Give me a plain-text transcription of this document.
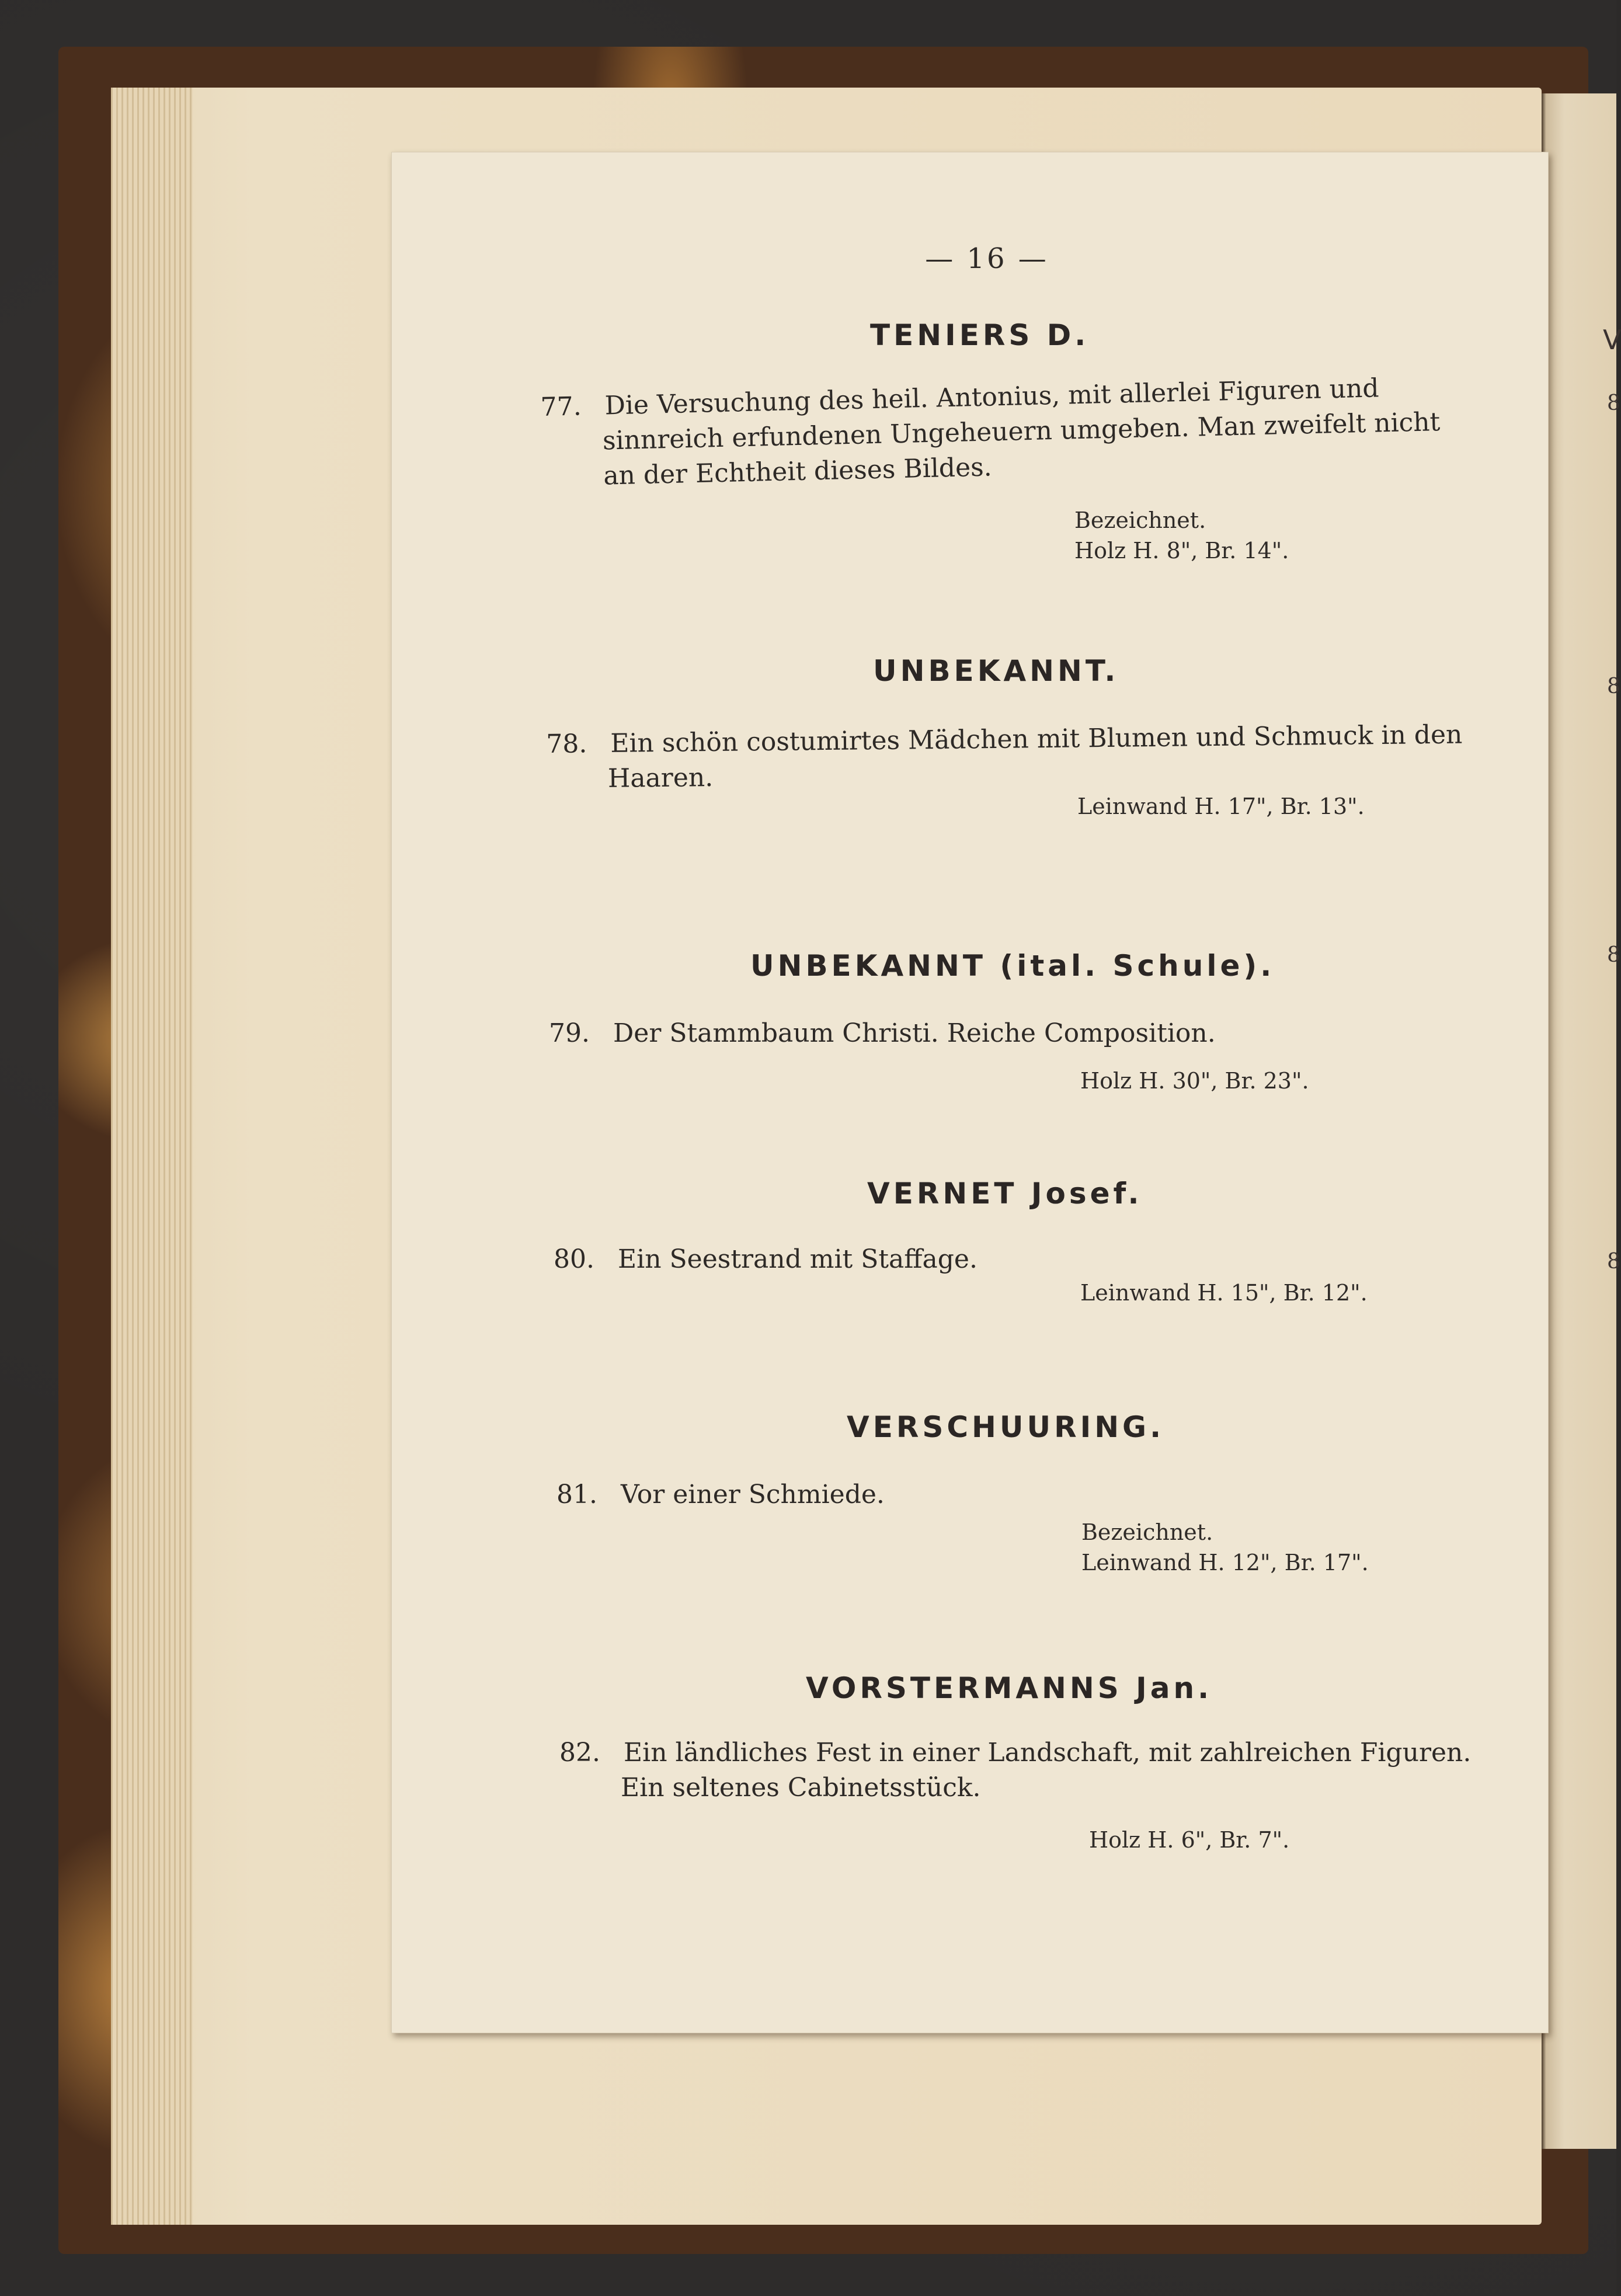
V
8
8
8
8
— 16 —
TENIERS D.
77. Die Versuchung des heil. Antonius, mit allerlei Figuren und
sinnreich erfundenen Ungeheuern umgeben. Man zweifelt nicht
an der Echtheit dieses Bildes.
Bezeichnet.
Holz H. 8", Br. 14".
UNBEKANNT.
78. Ein schön costumirtes Mädchen mit Blumen und Schmuck in den
Haaren.
Leinwand H. 17", Br. 13".
UNBEKANNT (ital. Schule).
79. Der Stammbaum Christi. Reiche Composition.
Holz H. 30", Br. 23".
VERNET Josef.
80. Ein Seestrand mit Staffage.
Leinwand H. 15", Br. 12".
VERSCHUURING.
81. Vor einer Schmiede.
Bezeichnet.
Leinwand H. 12", Br. 17".
VORSTERMANNS Jan.
82. Ein ländliches Fest in einer Landschaft, mit zahlreichen Figuren.
Ein seltenes Cabinetsstück.
Holz H. 6", Br. 7".
